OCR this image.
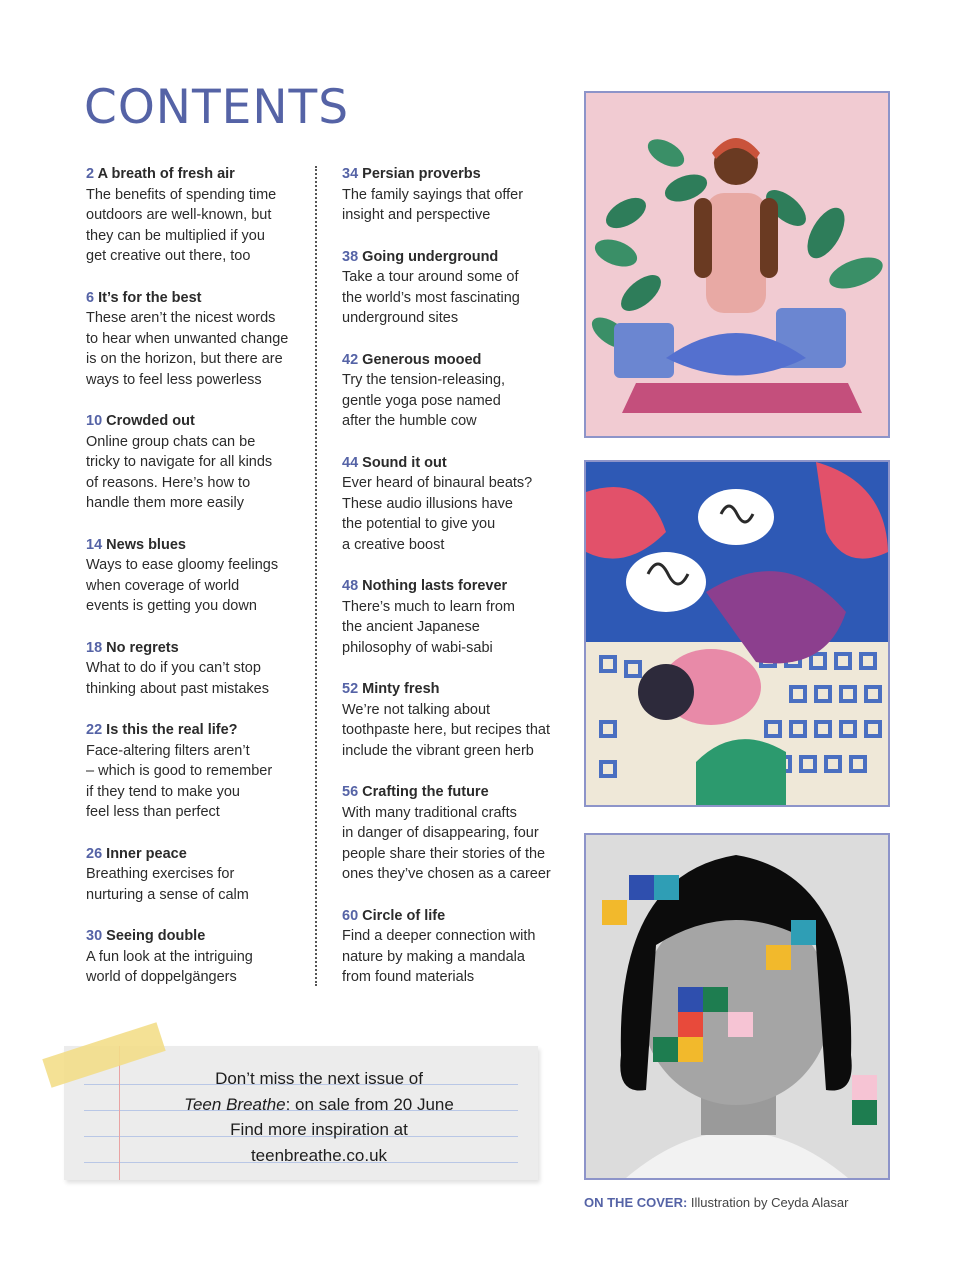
CONTENTS
2 A breath of fresh air
The benefits of spending time
outdoors are well-known, but
they can be multiplied if you
get creative out there, too
6 It’s for the best
These aren’t the nicest words
to hear when unwanted change
is on the horizon, but there are
ways to feel less powerless
10 Crowded out
Online group chats can be
tricky to navigate for all kinds
of reasons. Here’s how to
handle them more easily
14 News blues
Ways to ease gloomy feelings
when coverage of world
events is getting you down
18 No regrets
What to do if you can’t stop
thinking about past mistakes
22 Is this the real life?
Face-altering filters aren’t
– which is good to remember
if they tend to make you
feel less than perfect
26 Inner peace
Breathing exercises for
nurturing a sense of calm
30 Seeing double
A fun look at the intriguing
world of doppelgängers
34 Persian proverbs
The family sayings that offer
insight and perspective
38 Going underground
Take a tour around some of
the world’s most fascinating
underground sites
42 Generous mooed
Try the tension-releasing,
gentle yoga pose named
after the humble cow
44 Sound it out
Ever heard of binaural beats?
These audio illusions have
the potential to give you
a creative boost
48 Nothing lasts forever
There’s much to learn from
the ancient Japanese
philosophy of wabi-sabi
52 Minty fresh
We’re not talking about
toothpaste here, but recipes that
include the vibrant green herb
56 Crafting the future
With many traditional crafts
in danger of disappearing, four
people share their stories of the
ones they’ve chosen as a career
60 Circle of life
Find a deeper connection with
nature by making a mandala
from found materials
Don’t miss the next issue of
Teen Breathe: on sale from 20 June
Find more inspiration at
teenbreathe.co.uk
ON THE COVER: Illustration by Ceyda Alasar
